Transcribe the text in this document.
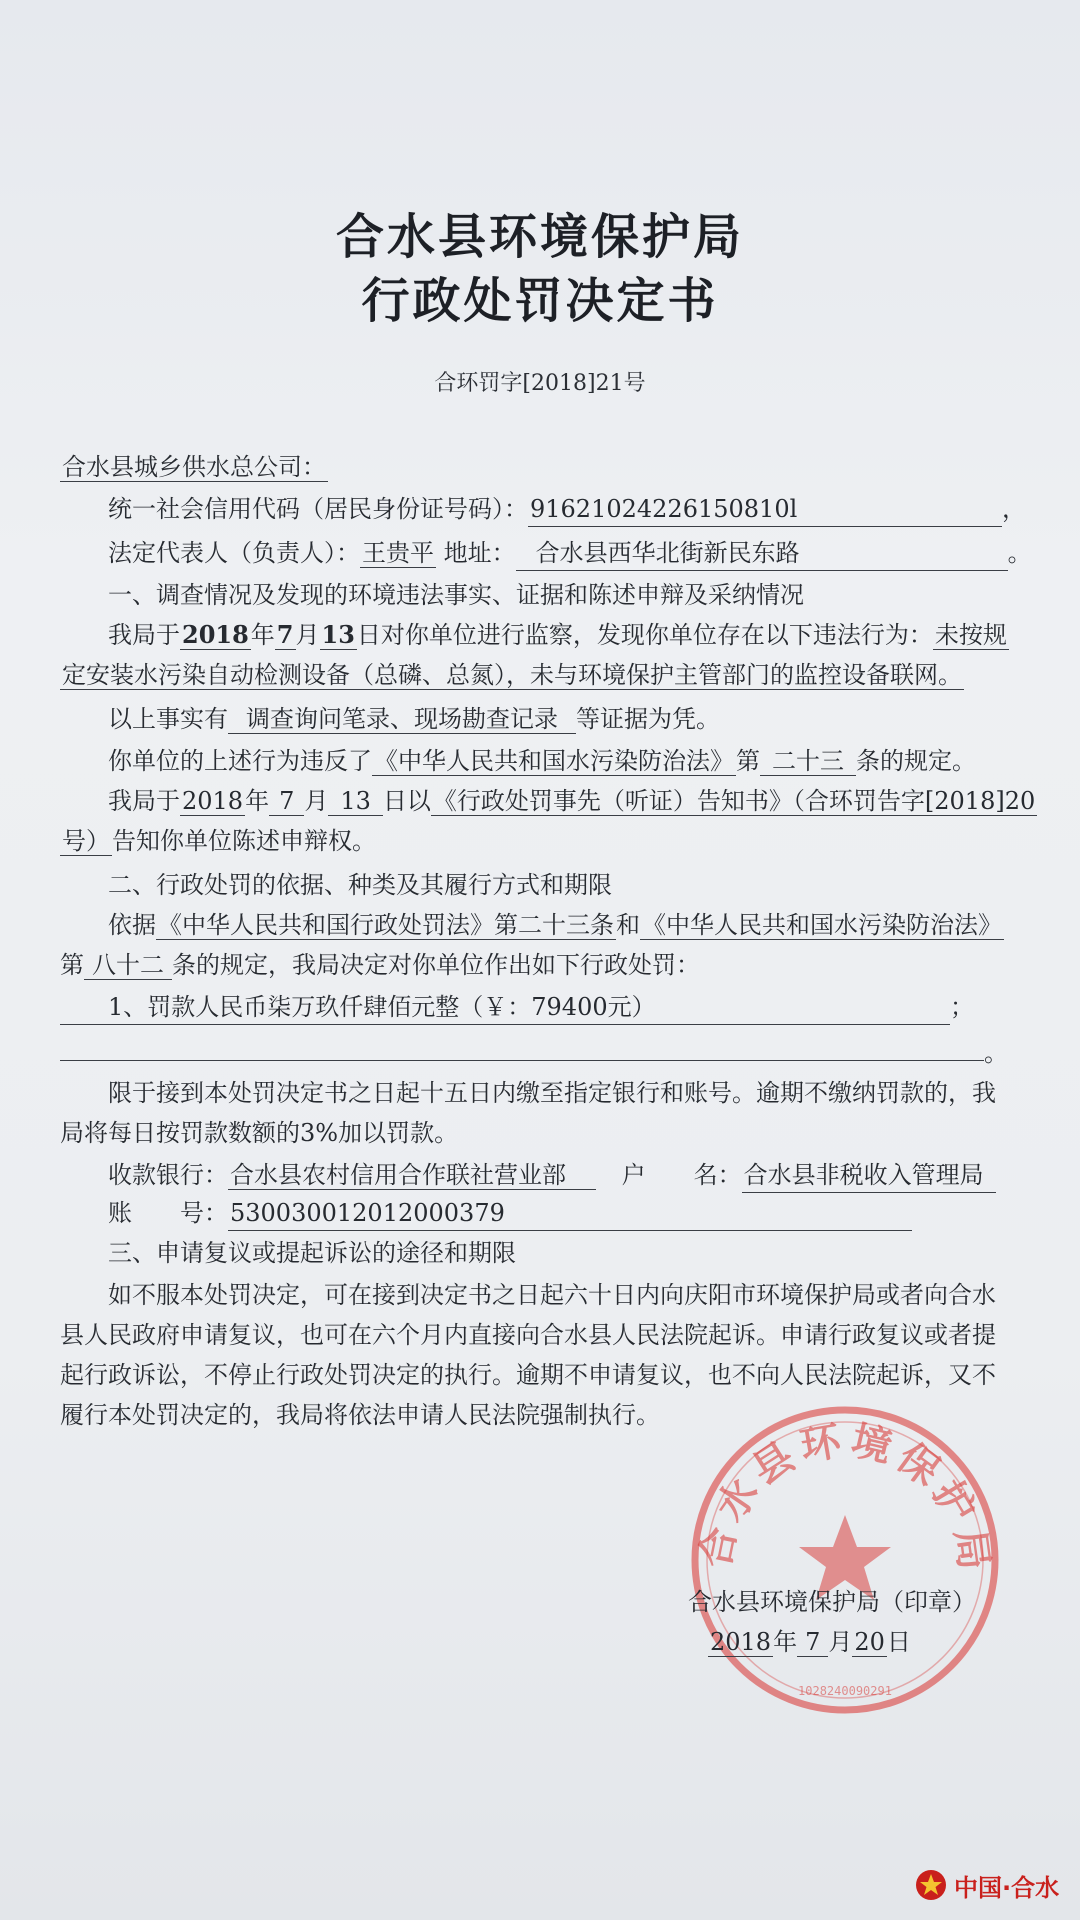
合水县环境保护局
行政处罚决定书
合环罚字[2018]21号
合水县城乡供水总公司：
统一社会信用代码（居民身份证号码）：91621024226150810l	，
法定代表人（负责人）：王贵平 地址： 合水县西华北街新民东路	。
一、调查情况及发现的环境违法事实、证据和陈述申辩及采纳情况
我局于2018年7月13日对你单位进行监察，发现你单位存在以下违法行为：未按规
定安装水污染自动检测设备（总磷、总氮），未与环境保护主管部门的监控设备联网。
以上事实有 调查询问笔录、现场勘查记录 等证据为凭。
你单位的上述行为违反了《中华人民共和国水污染防治法》第 二十三 条的规定。
我局于2018年 7 月 13 日以《行政处罚事先（听证）告知书》（合环罚告字[2018]20
号）告知你单位陈述申辩权。
二、行政处罚的依据、种类及其履行方式和期限
依据《中华人民共和国行政处罚法》第二十三条和《中华人民共和国水污染防治法》
第 八十二 条的规定，我局决定对你单位作出如下行政处罚：
1、罚款人民币柒万玖仟肆佰元整（￥：79400元）	；
。
限于接到本处罚决定书之日起十五日内缴至指定银行和账号。逾期不缴纳罚款的，我
局将每日按罚款数额的3%加以罚款。
收款银行：合水县农村信用合作联社营业部 户　　名：合水县非税收入管理局
账　　号：530030012012000379
三、申请复议或提起诉讼的途径和期限
如不服本处罚决定，可在接到决定书之日起六十日内向庆阳市环境保护局或者向合水
县人民政府申请复议，也可在六个月内直接向合水县人民法院起诉。申请行政复议或者提
起行政诉讼，不停止行政处罚决定的执行。逾期不申请复议，也不向人民法院起诉，又不
履行本处罚决定的，我局将依法申请人民法院强制执行。
合水县环境保护局
1028240090291
合水县环境保护局（印章）
2018年 7 月20日
中国·合水
